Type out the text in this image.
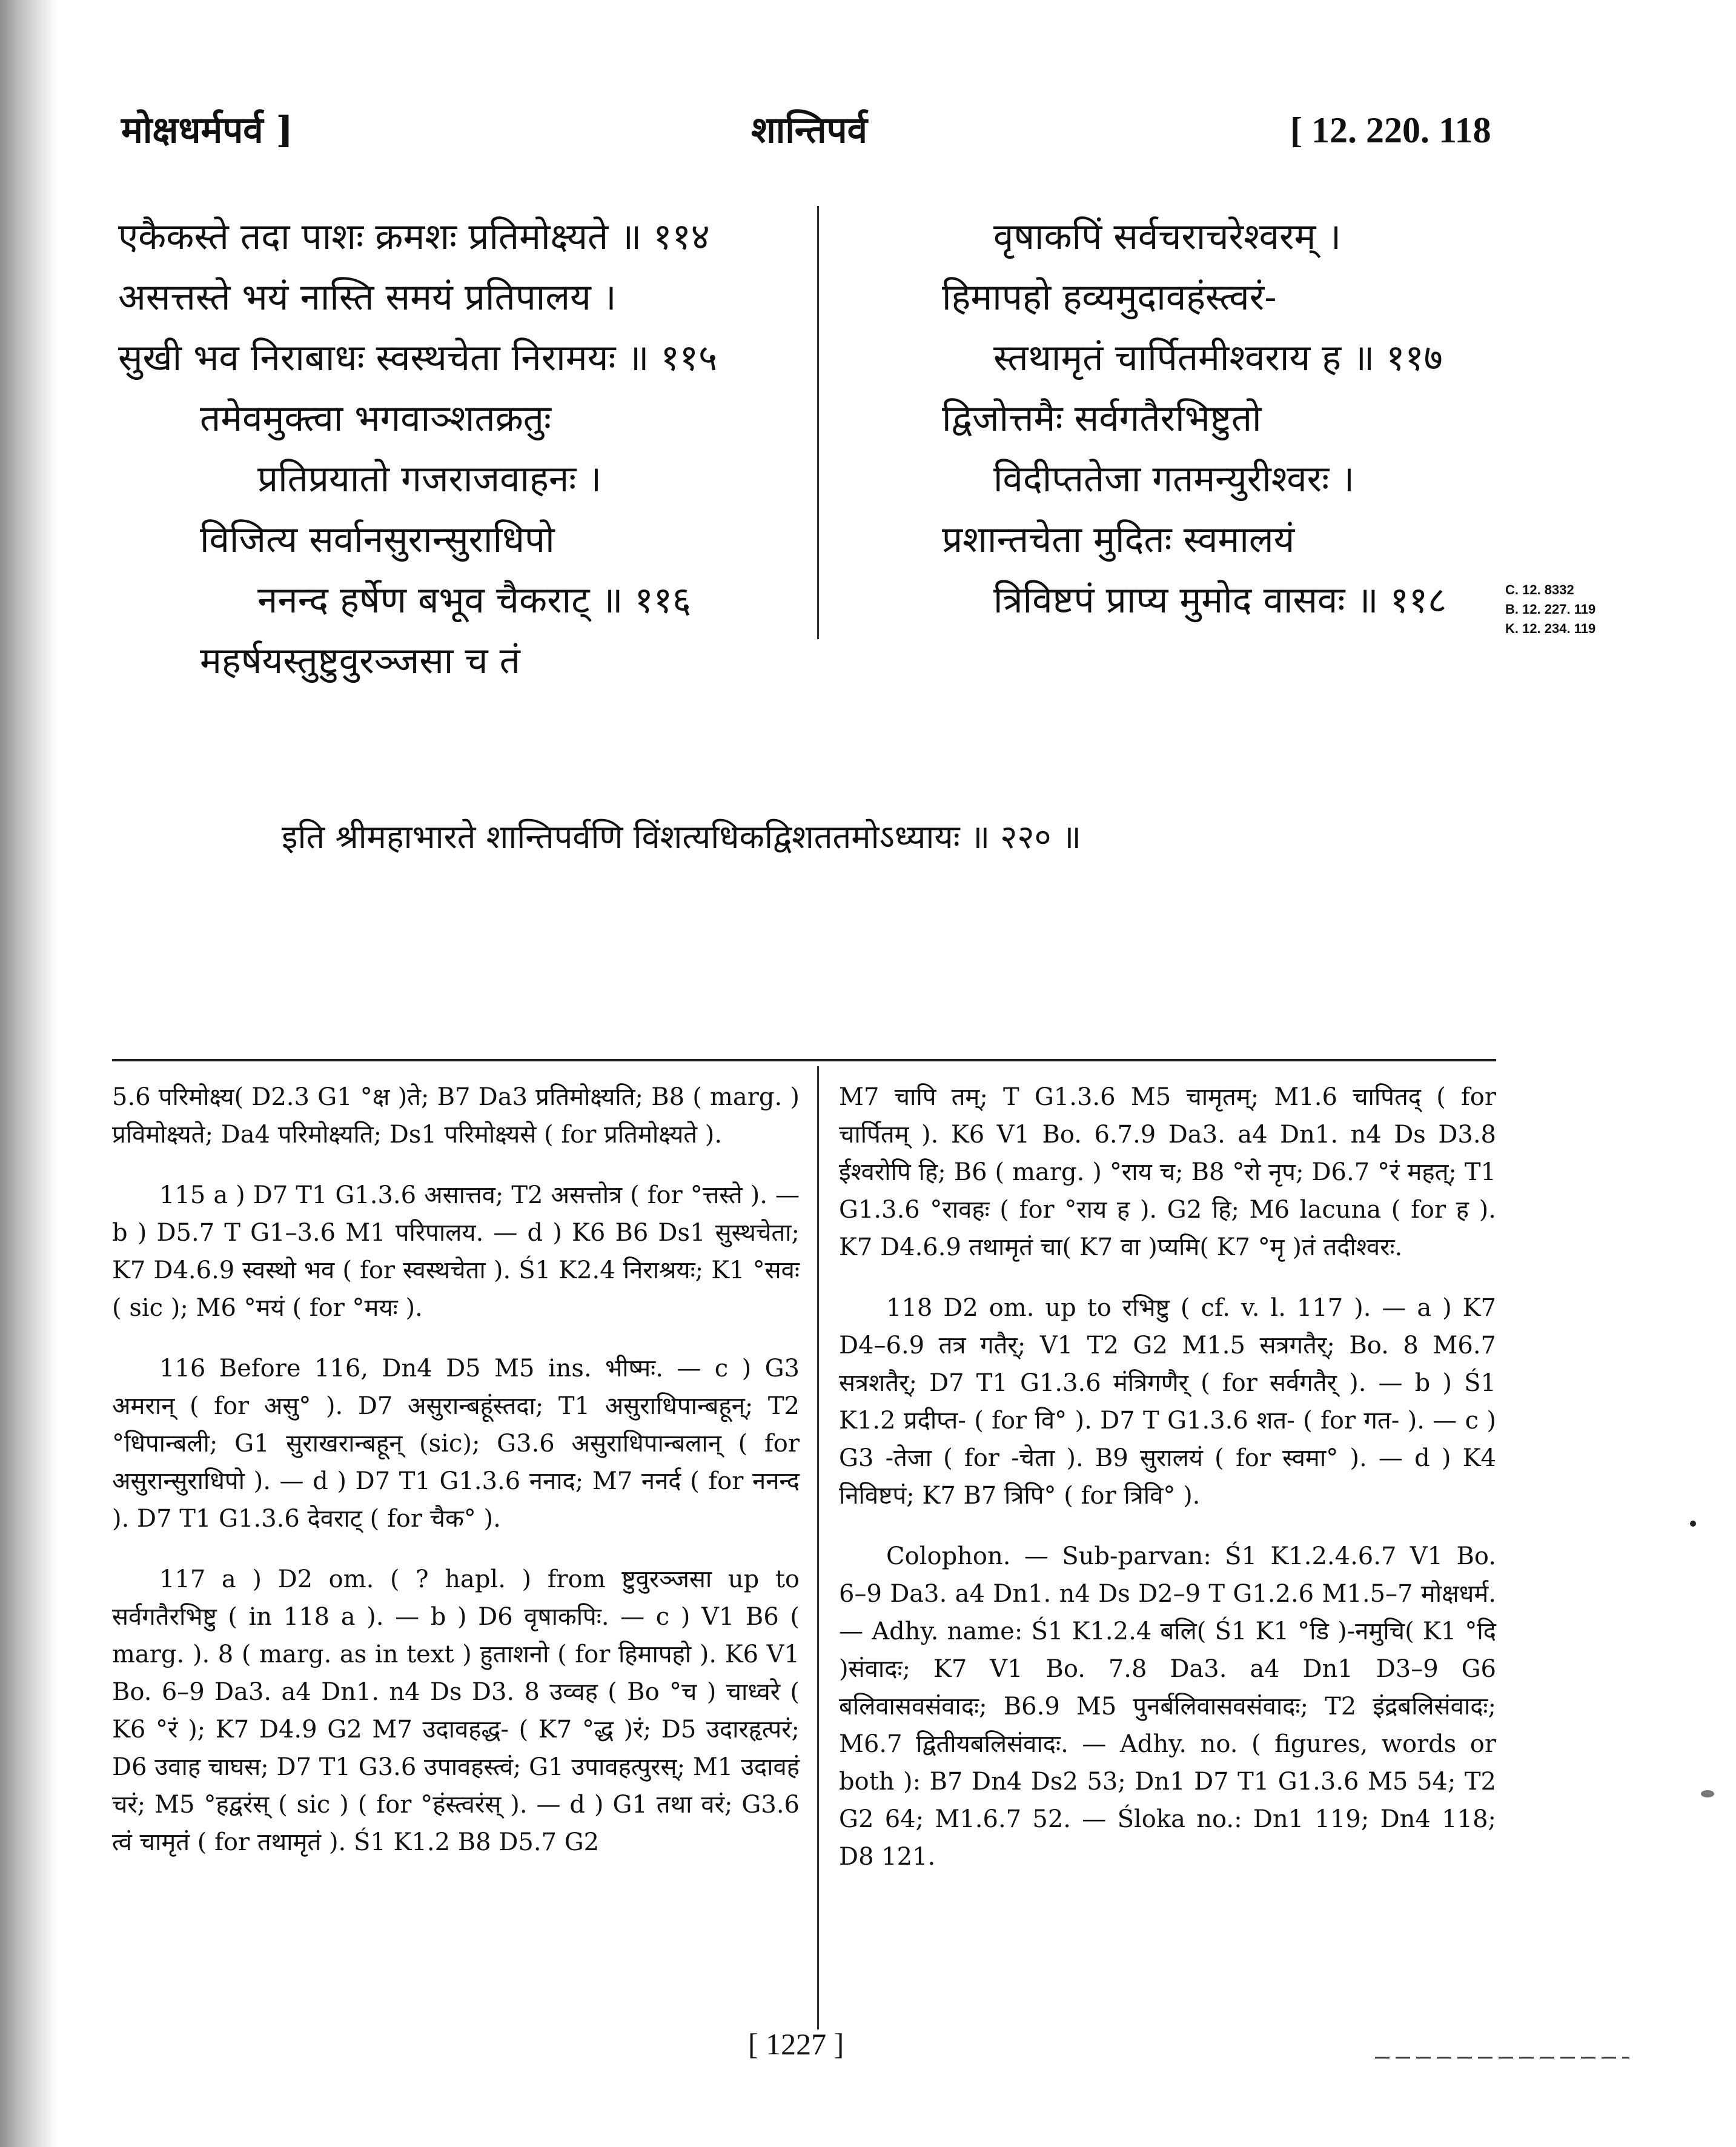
मोक्षधर्मपर्व ]	शान्तिपर्व	[ 12. 220. 118
एकैकस्ते तदा पाशः क्रमशः प्रतिमोक्ष्यते ॥ ११४
असत्तस्ते भयं नास्ति समयं प्रतिपालय ।
सुखी भव निराबाधः स्वस्थचेता निरामयः ॥ ११५
तमेवमुक्त्वा भगवाञ्शतक्रतुः
प्रतिप्रयातो गजराजवाहनः ।
विजित्य सर्वानसुरान्सुराधिपो
ननन्द हर्षेण बभूव चैकराट् ॥ ११६
महर्षयस्तुष्टुवुरञ्जसा च तं
वृषाकपिं सर्वचराचरेश्वरम् ।
हिमापहो हव्यमुदावहंस्त्वरं-
स्तथामृतं चार्पितमीश्वराय ह ॥ ११७
द्विजोत्तमैः सर्वगतैरभिष्टुतो
विदीप्ततेजा गतमन्युरीश्वरः ।
प्रशान्तचेता मुदितः स्वमालयं
त्रिविष्टपं प्राप्य मुमोद वासवः ॥ ११८	C. 12. 8332
B. 12. 227. 119
K. 12. 234. 119
इति श्रीमहाभारते शान्तिपर्वणि विंशत्यधिकद्विशततमोऽध्यायः ॥ २२० ॥

5.6 परिमोक्ष्य( D2.3 G1 °क्ष )ते; B7 Da3 प्रतिमोक्ष्यति; B8 ( marg. ) प्रविमोक्ष्यते; Da4 परिमोक्ष्यति; Ds1 परिमोक्ष्यसे ( for प्रतिमोक्ष्यते ).

115 a ) D7 T1 G1.3.6 असात्तव; T2 असत्तोत्र ( for °त्तस्ते ). — b ) D5.7 T G1–3.6 M1 परिपालय. — d ) K6 B6 Ds1 सुस्थचेता; K7 D4.6.9 स्वस्थो भव ( for स्वस्थचेता ). Ś1 K2.4 निराश्रयः; K1 °सवः ( sic ); M6 °मयं ( for °मयः ).

116 Before 116, Dn4 D5 M5 ins. भीष्मः. — c ) G3 अमरान् ( for असु° ). D7 असुरान्बहूंस्तदा; T1 असुराधिपान्बहून्; T2 °धिपान्बली; G1 सुराखरान्बहून् (sic); G3.6 असुराधिपान्बलान् ( for असुरान्सुराधिपो ). — d ) D7 T1 G1.3.6 ननाद; M7 ननर्द ( for ननन्द ). D7 T1 G1.3.6 देवराट् ( for चैक° ).

117 a ) D2 om. ( ? hapl. ) from ष्टुवुरञ्जसा up to सर्वगतैरभिष्टु ( in 118 a ). — b ) D6 वृषाकपिः. — c ) V1 B6 ( marg. ). 8 ( marg. as in text ) हुताशनो ( for हिमापहो ). K6 V1 Bo. 6–9 Da3. a4 Dn1. n4 Ds D3. 8 उव्वह ( Bo °च ) चाध्वरे ( K6 °रं ); K7 D4.9 G2 M7 उदावहद्ध- ( K7 °द्ध )रं; D5 उदारहृत्परं; D6 उवाह चाघस; D7 T1 G3.6 उपावहस्त्वं; G1 उपावहत्पुरस्; M1 उदावहं चरं; M5 °हद्वरंस् ( sic ) ( for °हंस्त्वरंस् ). — d ) G1 तथा वरं; G3.6 त्वं चामृतं ( for तथामृतं ). Ś1 K1.2 B8 D5.7 G2

M7 चापि तम्; T G1.3.6 M5 चामृतम्; M1.6 चापितद् ( for चार्पितम् ). K6 V1 Bo. 6.7.9 Da3. a4 Dn1. n4 Ds D3.8 ईश्वरोपि हि; B6 ( marg. ) °राय च; B8 °रो नृप; D6.7 °रं महत्; T1 G1.3.6 °रावहः ( for °राय ह ). G2 हि; M6 lacuna ( for ह ). K7 D4.6.9 तथामृतं चा( K7 वा )प्यमि( K7 °मृ )तं तदीश्वरः.

118 D2 om. up to रभिष्टु ( cf. v. l. 117 ). — a ) K7 D4–6.9 तत्र गतैर्; V1 T2 G2 M1.5 सत्रगतैर्; Bo. 8 M6.7 सत्रशतैर्; D7 T1 G1.3.6 मंत्रिगणैर् ( for सर्वगतैर् ). — b ) Ś1 K1.2 प्रदीप्त- ( for वि° ). D7 T G1.3.6 शत- ( for गत- ). — c ) G3 -तेजा ( for -चेता ). B9 सुरालयं ( for स्वमा° ). — d ) K4 निविष्टपं; K7 B7 त्रिपि° ( for त्रिवि° ).

Colophon. — Sub-parvan: Ś1 K1.2.4.6.7 V1 Bo. 6–9 Da3. a4 Dn1. n4 Ds D2–9 T G1.2.6 M1.5–7 मोक्षधर्म. — Adhy. name: Ś1 K1.2.4 बलि( Ś1 K1 °डि )-नमुचि( K1 °दि )संवादः; K7 V1 Bo. 7.8 Da3. a4 Dn1 D3–9 G6 बलिवासवसंवादः; B6.9 M5 पुनर्बलिवासवसंवादः; T2 इंद्रबलिसंवादः; M6.7 द्वितीयबलिसंवादः. — Adhy. no. ( figures, words or both ): B7 Dn4 Ds2 53; Dn1 D7 T1 G1.3.6 M5 54; T2 G2 64; M1.6.7 52. — Śloka no.: Dn1 119; Dn4 118; D8 121.

[ 1227 ]
